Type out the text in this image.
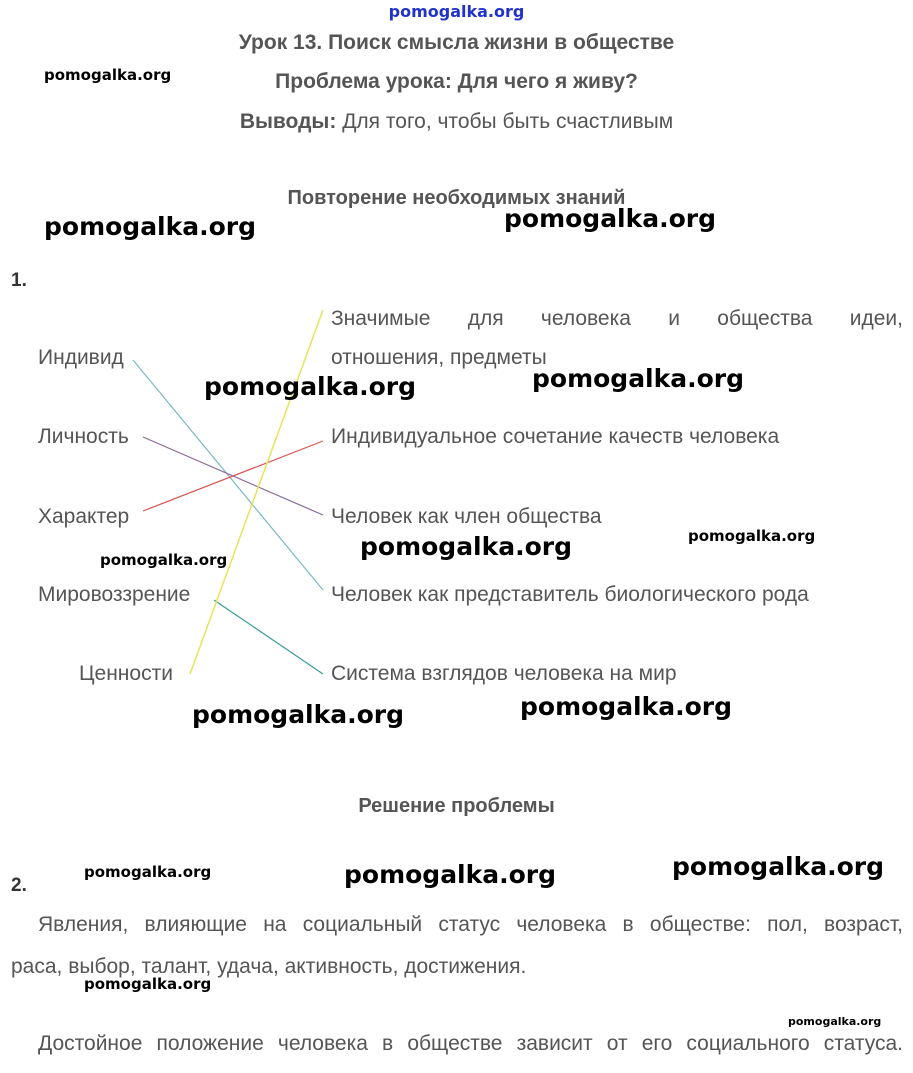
pomogalka.org
Урок 13. Поиск смысла жизни в обществе
Проблема урока: Для чего я живу?
Выводы: Для того, чтобы быть счастливым
Повторение необходимых знаний
1.
Индивид
Личность
Характер
Мировоззрение
Ценности
Значимые для человека и общества идеи,
отношения, предметы
Индивидуальное сочетание качеств человека
Человек как член общества
Человек как представитель биологического рода
Система взглядов человека на мир
Решение проблемы
2.
Явления, влияющие на социальный статус человека в обществе: пол, возраст,
раса, выбор, талант, удача, активность, достижения.
Достойное положение человека в обществе зависит от его социального статуса.
pomogalka.org
pomogalka.org	pomogalka.org
pomogalka.org	pomogalka.org
pomogalka.org	pomogalka.org	pomogalka.org
pomogalka.org	pomogalka.org
pomogalka.org	pomogalka.org	pomogalka.org
pomogalka.org
pomogalka.org
